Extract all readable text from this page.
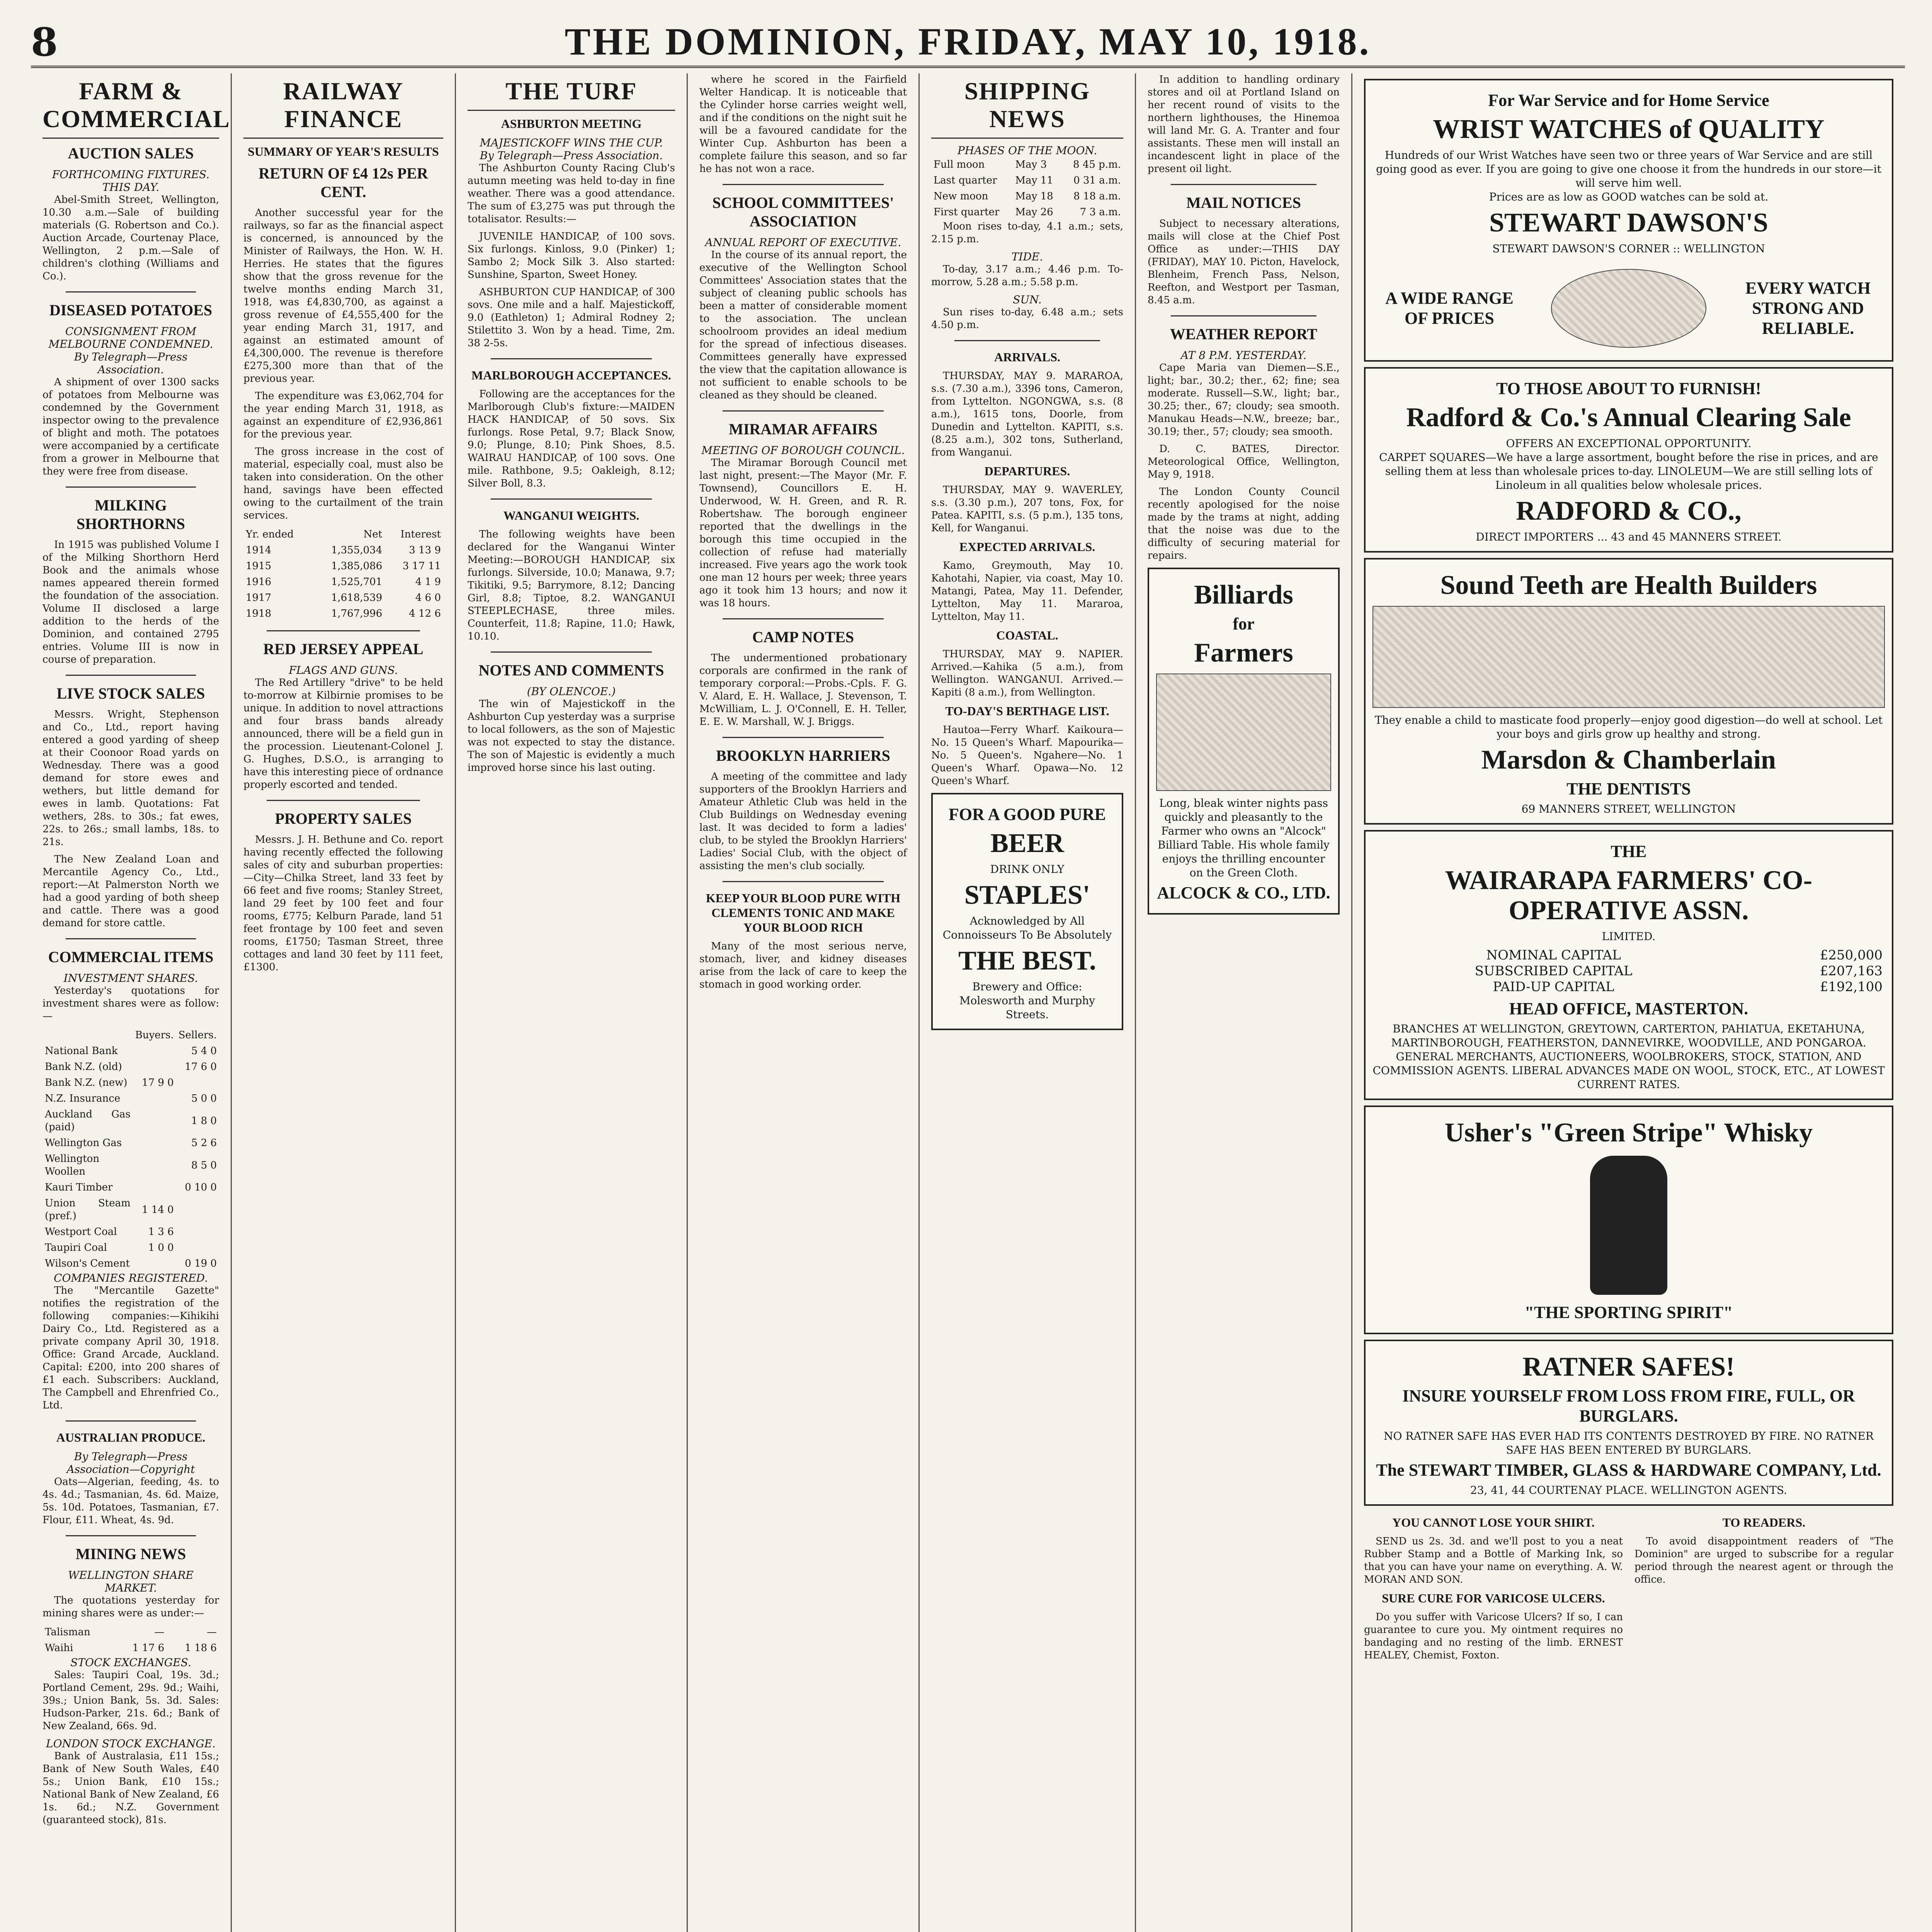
8	THE DOMINION, FRIDAY, MAY 10, 1918.
FARM & COMMERCIAL
AUCTION SALES
FORTHCOMING FIXTURES.
THIS DAY.

Abel-Smith Street, Wellington, 10.30 a.m.—Sale of building materials (G. Robertson and Co.). Auction Arcade, Courtenay Place, Wellington, 2 p.m.—Sale of children's clothing (Williams and Co.).

DISEASED POTATOES
CONSIGNMENT FROM MELBOURNE CONDEMNED.
By Telegraph—Press Association.

A shipment of over 1300 sacks of potatoes from Melbourne was condemned by the Government inspector owing to the prevalence of blight and moth. The potatoes were accompanied by a certificate from a grower in Melbourne that they were free from disease.

MILKING SHORTHORNS

In 1915 was published Volume I of the Milking Shorthorn Herd Book and the animals whose names appeared therein formed the foundation of the association. Volume II disclosed a large addition to the herds of the Dominion, and contained 2795 entries. Volume III is now in course of preparation.

LIVE STOCK SALES

Messrs. Wright, Stephenson and Co., Ltd., report having entered a good yarding of sheep at their Coonoor Road yards on Wednesday. There was a good demand for store ewes and wethers, but little demand for ewes in lamb. Quotations: Fat wethers, 28s. to 30s.; fat ewes, 22s. to 26s.; small lambs, 18s. to 21s.

The New Zealand Loan and Mercantile Agency Co., Ltd., report:—At Palmerston North we had a good yarding of both sheep and cattle. There was a good demand for store cattle.

COMMERCIAL ITEMS
INVESTMENT SHARES.

Yesterday's quotations for investment shares were as follow:—

	Buyers.	Sellers.
National Bank		5 4 0
Bank N.Z. (old)		17 6 0
Bank N.Z. (new)	17 9 0	
N.Z. Insurance		5 0 0
Auckland Gas (paid)		1 8 0
Wellington Gas		5 2 6
Wellington Woollen		8 5 0
Kauri Timber		0 10 0
Union Steam (pref.)	1 14 0	
Westport Coal	1 3 6	
Taupiri Coal	1 0 0	
Wilson's Cement		0 19 0
COMPANIES REGISTERED.

The "Mercantile Gazette" notifies the registration of the following companies:—Kihikihi Dairy Co., Ltd. Registered as a private company April 30, 1918. Office: Grand Arcade, Auckland. Capital: £200, into 200 shares of £1 each. Subscribers: Auckland, The Campbell and Ehrenfried Co., Ltd.

AUSTRALIAN PRODUCE.
By Telegraph—Press Association—Copyright

Oats—Algerian, feeding, 4s. to 4s. 4d.; Tasmanian, 4s. 6d. Maize, 5s. 10d. Potatoes, Tasmanian, £7. Flour, £11. Wheat, 4s. 9d.

MINING NEWS
WELLINGTON SHARE MARKET.

The quotations yesterday for mining shares were as under:—

Talisman	—	—
Waihi	1 17 6	1 18 6
STOCK EXCHANGES.

Sales: Taupiri Coal, 19s. 3d.; Portland Cement, 29s. 9d.; Waihi, 39s.; Union Bank, 5s. 3d. Sales: Hudson-Parker, 21s. 6d.; Bank of New Zealand, 66s. 9d.

LONDON STOCK EXCHANGE.

Bank of Australasia, £11 15s.; Bank of New South Wales, £40 5s.; Union Bank, £10 15s.; National Bank of New Zealand, £6 1s. 6d.; N.Z. Government (guaranteed stock), 81s.

RAILWAY FINANCE
SUMMARY OF YEAR'S RESULTS
RETURN OF £4 12s PER CENT.

Another successful year for the railways, so far as the financial aspect is concerned, is announced by the Minister of Railways, the Hon. W. H. Herries. He states that the figures show that the gross revenue for the twelve months ending March 31, 1918, was £4,830,700, as against a gross revenue of £4,555,400 for the year ending March 31, 1917, and against an estimated amount of £4,300,000. The revenue is therefore £275,300 more than that of the previous year.

The expenditure was £3,062,704 for the year ending March 31, 1918, as against an expenditure of £2,936,861 for the previous year.

The gross increase in the cost of material, especially coal, must also be taken into consideration. On the other hand, savings have been effected owing to the curtailment of the train services.

Yr. ended	Net	Interest
1914	1,355,034	3 13 9
1915	1,385,086	3 17 11
1916	1,525,701	4 1 9
1917	1,618,539	4 6 0
1918	1,767,996	4 12 6
RED JERSEY APPEAL
FLAGS AND GUNS.

The Red Artillery "drive" to be held to-morrow at Kilbirnie promises to be unique. In addition to novel attractions and four brass bands already announced, there will be a field gun in the procession. Lieutenant-Colonel J. G. Hughes, D.S.O., is arranging to have this interesting piece of ordnance properly escorted and tended.

PROPERTY SALES

Messrs. J. H. Bethune and Co. report having recently effected the following sales of city and suburban properties:—City—Chilka Street, land 33 feet by 66 feet and five rooms; Stanley Street, land 29 feet by 100 feet and four rooms, £775; Kelburn Parade, land 51 feet frontage by 100 feet and seven rooms, £1750; Tasman Street, three cottages and land 30 feet by 111 feet, £1300.

THE TURF
ASHBURTON MEETING
MAJESTICKOFF WINS THE CUP.
By Telegraph—Press Association.

The Ashburton County Racing Club's autumn meeting was held to-day in fine weather. There was a good attendance. The sum of £3,275 was put through the totalisator. Results:—

JUVENILE HANDICAP, of 100 sovs. Six furlongs. Kinloss, 9.0 (Pinker) 1; Sambo 2; Mock Silk 3. Also started: Sunshine, Sparton, Sweet Honey.

ASHBURTON CUP HANDICAP, of 300 sovs. One mile and a half. Majestickoff, 9.0 (Eathleton) 1; Admiral Rodney 2; Stilettito 3. Won by a head. Time, 2m. 38 2-5s.

MARLBOROUGH ACCEPTANCES.

Following are the acceptances for the Marlborough Club's fixture:—MAIDEN HACK HANDICAP, of 50 sovs. Six furlongs. Rose Petal, 9.7; Black Snow, 9.0; Plunge, 8.10; Pink Shoes, 8.5. WAIRAU HANDICAP, of 100 sovs. One mile. Rathbone, 9.5; Oakleigh, 8.12; Silver Boll, 8.3.

WANGANUI WEIGHTS.

The following weights have been declared for the Wanganui Winter Meeting:—BOROUGH HANDICAP, six furlongs. Silverside, 10.0; Manawa, 9.7; Tikitiki, 9.5; Barrymore, 8.12; Dancing Girl, 8.8; Tiptoe, 8.2. WANGANUI STEEPLECHASE, three miles. Counterfeit, 11.8; Rapine, 11.0; Hawk, 10.10.

NOTES AND COMMENTS
(BY OLENCOE.)

The win of Majestickoff in the Ashburton Cup yesterday was a surprise to local followers, as the son of Majestic was not expected to stay the distance. The son of Majestic is evidently a much improved horse since his last outing.

where he scored in the Fairfield Welter Handicap. It is noticeable that the Cylinder horse carries weight well, and if the conditions on the night suit he will be a favoured candidate for the Winter Cup. Ashburton has been a complete failure this season, and so far he has not won a race.

SCHOOL COMMITTEES' ASSOCIATION
ANNUAL REPORT OF EXECUTIVE.

In the course of its annual report, the executive of the Wellington School Committees' Association states that the subject of cleaning public schools has been a matter of considerable moment to the association. The unclean schoolroom provides an ideal medium for the spread of infectious diseases. Committees generally have expressed the view that the capitation allowance is not sufficient to enable schools to be cleaned as they should be cleaned.

MIRAMAR AFFAIRS
MEETING OF BOROUGH COUNCIL.

The Miramar Borough Council met last night, present:—The Mayor (Mr. F. Townsend), Councillors E. H. Underwood, W. H. Green, and R. R. Robertshaw. The borough engineer reported that the dwellings in the borough this time occupied in the collection of refuse had materially increased. Five years ago the work took one man 12 hours per week; three years ago it took him 13 hours; and now it was 18 hours.

CAMP NOTES

The undermentioned probationary corporals are confirmed in the rank of temporary corporal:—Probs.-Cpls. F. G. V. Alard, E. H. Wallace, J. Stevenson, T. McWilliam, L. J. O'Connell, E. H. Teller, E. E. W. Marshall, W. J. Briggs.

BROOKLYN HARRIERS

A meeting of the committee and lady supporters of the Brooklyn Harriers and Amateur Athletic Club was held in the Club Buildings on Wednesday evening last. It was decided to form a ladies' club, to be styled the Brooklyn Harriers' Ladies' Social Club, with the object of assisting the men's club socially.

KEEP YOUR BLOOD PURE WITH CLEMENTS TONIC AND MAKE YOUR BLOOD RICH

Many of the most serious nerve, stomach, liver, and kidney diseases arise from the lack of care to keep the stomach in good working order.

SHIPPING NEWS
PHASES OF THE MOON.
Full moon	May 3	8 45 p.m.
Last quarter	May 11	0 31 a.m.
New moon	May 18	8 18 a.m.
First quarter	May 26	7 3 a.m.

Moon rises to-day, 4.1 a.m.; sets, 2.15 p.m.

TIDE.

To-day, 3.17 a.m.; 4.46 p.m. To-morrow, 5.28 a.m.; 5.58 p.m.

SUN.

Sun rises to-day, 6.48 a.m.; sets 4.50 p.m.

ARRIVALS.

THURSDAY, MAY 9. MARAROA, s.s. (7.30 a.m.), 3396 tons, Cameron, from Lyttelton. NGONGWA, s.s. (8 a.m.), 1615 tons, Doorle, from Dunedin and Lyttelton. KAPITI, s.s. (8.25 a.m.), 302 tons, Sutherland, from Wanganui.

DEPARTURES.

THURSDAY, MAY 9. WAVERLEY, s.s. (3.30 p.m.), 207 tons, Fox, for Patea. KAPITI, s.s. (5 p.m.), 135 tons, Kell, for Wanganui.

EXPECTED ARRIVALS.

Kamo, Greymouth, May 10. Kahotahi, Napier, via coast, May 10. Matangi, Patea, May 11. Defender, Lyttelton, May 11. Mararoa, Lyttelton, May 11.

COASTAL.

THURSDAY, MAY 9. NAPIER. Arrived.—Kahika (5 a.m.), from Wellington. WANGANUI. Arrived.—Kapiti (8 a.m.), from Wellington.

TO-DAY'S BERTHAGE LIST.

Hautoa—Ferry Wharf. Kaikoura—No. 15 Queen's Wharf. Mapourika—No. 5 Queen's. Ngahere—No. 1 Queen's Wharf. Opawa—No. 12 Queen's Wharf.

FOR A GOOD PURE
BEER
DRINK ONLY
STAPLES'
Acknowledged by All Connoisseurs To Be Absolutely
THE BEST.
Brewery and Office: Molesworth and Murphy Streets.

In addition to handling ordinary stores and oil at Portland Island on her recent round of visits to the northern lighthouses, the Hinemoa will land Mr. G. A. Tranter and four assistants. These men will install an incandescent light in place of the present oil light.

MAIL NOTICES

Subject to necessary alterations, mails will close at the Chief Post Office as under:—THIS DAY (FRIDAY), MAY 10. Picton, Havelock, Blenheim, French Pass, Nelson, Reefton, and Westport per Tasman, 8.45 a.m.

WEATHER REPORT
AT 8 P.M. YESTERDAY.

Cape Maria van Diemen—S.E., light; bar., 30.2; ther., 62; fine; sea moderate. Russell—S.W., light; bar., 30.25; ther., 67; cloudy; sea smooth. Manukau Heads—N.W., breeze; bar., 30.19; ther., 57; cloudy; sea smooth.

D. C. BATES, Director. Meteorological Office, Wellington, May 9, 1918.

The London County Council recently apologised for the noise made by the trams at night, adding that the noise was due to the difficulty of securing material for repairs.

Billiards
for
Farmers
Long, bleak winter nights pass quickly and pleasantly to the Farmer who owns an "Alcock" Billiard Table. His whole family enjoys the thrilling encounter on the Green Cloth.
ALCOCK & CO., LTD.
For War Service and for Home Service
WRIST WATCHES of QUALITY
Hundreds of our Wrist Watches have seen two or three years of War Service and are still going good as ever. If you are going to give one choose it from the hundreds in our store—it will serve him well.
Prices are as low as GOOD watches can be sold at.
STEWART DAWSON'S
STEWART DAWSON'S CORNER :: WELLINGTON
A WIDE RANGE OF PRICES
EVERY WATCH STRONG AND RELIABLE.
TO THOSE ABOUT TO FURNISH!
Radford & Co.'s Annual Clearing Sale
OFFERS AN EXCEPTIONAL OPPORTUNITY.
CARPET SQUARES—We have a large assortment, bought before the rise in prices, and are selling them at less than wholesale prices to-day. LINOLEUM—We are still selling lots of Linoleum in all qualities below wholesale prices.
RADFORD & CO.,
DIRECT IMPORTERS ... 43 and 45 MANNERS STREET.
Sound Teeth are Health Builders
They enable a child to masticate food properly—enjoy good digestion—do well at school. Let your boys and girls grow up healthy and strong.
Marsdon & Chamberlain
THE DENTISTS
69 MANNERS STREET, WELLINGTON
THE
WAIRARAPA FARMERS' CO-OPERATIVE ASSN.
LIMITED.
NOMINAL CAPITAL	£250,000
SUBSCRIBED CAPITAL	£207,163
PAID-UP CAPITAL	£192,100
HEAD OFFICE, MASTERTON.
BRANCHES AT WELLINGTON, GREYTOWN, CARTERTON, PAHIATUA, EKETAHUNA, MARTINBOROUGH, FEATHERSTON, DANNEVIRKE, WOODVILLE, AND PONGAROA.
GENERAL MERCHANTS, AUCTIONEERS, WOOLBROKERS, STOCK, STATION, AND COMMISSION AGENTS. LIBERAL ADVANCES MADE ON WOOL, STOCK, ETC., AT LOWEST CURRENT RATES.
Usher's "Green Stripe" Whisky
"THE SPORTING SPIRIT"
RATNER SAFES!
INSURE YOURSELF FROM LOSS FROM FIRE, FULL, OR BURGLARS.
NO RATNER SAFE HAS EVER HAD ITS CONTENTS DESTROYED BY FIRE. NO RATNER SAFE HAS BEEN ENTERED BY BURGLARS.
The STEWART TIMBER, GLASS & HARDWARE COMPANY, Ltd.
23, 41, 44 COURTENAY PLACE. WELLINGTON AGENTS.
YOU CANNOT LOSE YOUR SHIRT.

SEND us 2s. 3d. and we'll post to you a neat Rubber Stamp and a Bottle of Marking Ink, so that you can have your name on everything. A. W. MORAN AND SON.

SURE CURE FOR VARICOSE ULCERS.

Do you suffer with Varicose Ulcers? If so, I can guarantee to cure you. My ointment requires no bandaging and no resting of the limb. ERNEST HEALEY, Chemist, Foxton.

TO READERS.

To avoid disappointment readers of "The Dominion" are urged to subscribe for a regular period through the nearest agent or through the office.
